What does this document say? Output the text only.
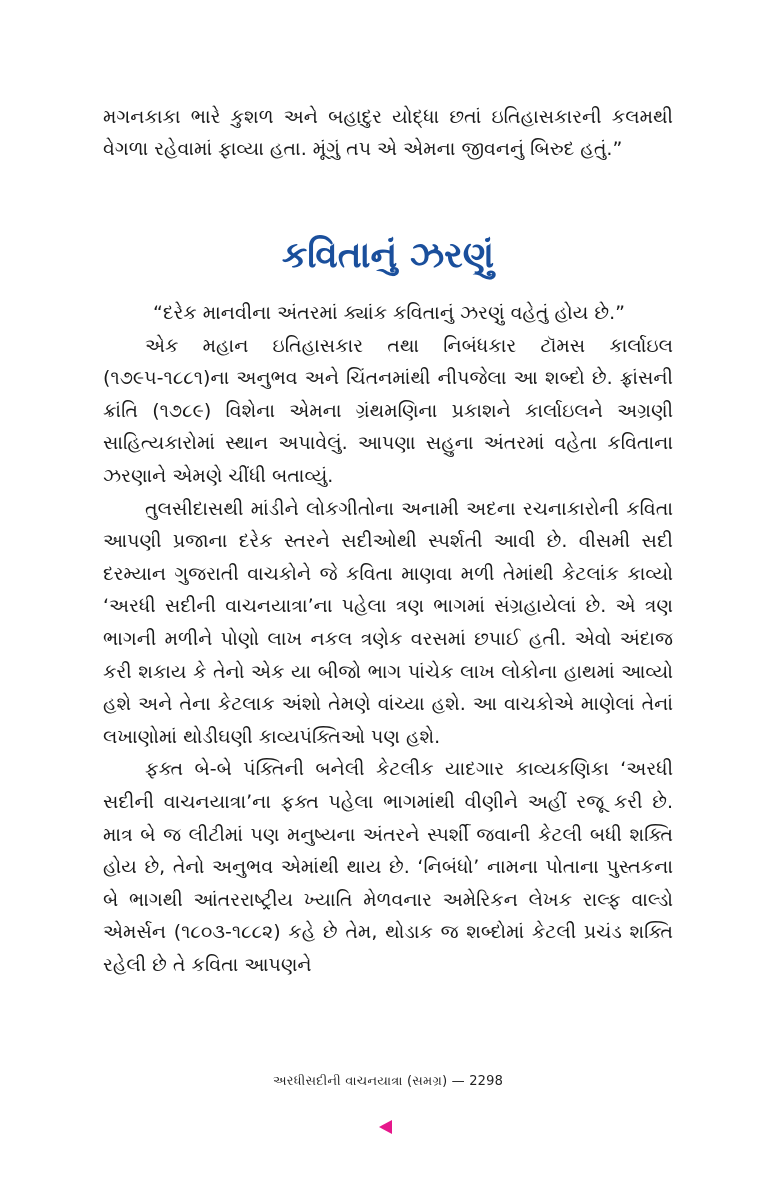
મગનકાકા ભારે કુશળ અને બહાદુર યોદ્ધા છતાં ઇતિહાસકારની કલમથી વેગળા રહેવામાં ફાવ્યા હતા. મૂંગું તપ એ એમના જીવનનું બિરુદ હતું.”

કવિતાનું ઝરણું

“દરેક માનવીના અંતરમાં ક્યાંક કવિતાનું ઝરણું વહેતું હોય છે.”

એક મહાન ઇતિહાસકાર તથા નિબંધકાર ટૉમસ કાર્લાઇલ (૧૭૯૫-૧૮૮૧)ના અનુભવ અને ચિંતનમાંથી નીપજેલા આ શબ્દો છે. ફ્રાંસની ક્રાંતિ (૧૭૮૯) વિશેના એમના ગ્રંથમણિના પ્રકાશને કાર્લાઇલને અગ્રણી સાહિત્યકારોમાં સ્થાન અપાવેલું. આપણા સહુના અંતરમાં વહેતા કવિતાના ઝરણાને એમણે ચીંધી બતાવ્યું.

તુલસીદાસથી માંડીને લોકગીતોના અનામી અદના રચનાકારોની કવિતા આપણી પ્રજાના દરેક સ્તરને સદીઓથી સ્પર્શતી આવી છે. વીસમી સદી દરમ્યાન ગુજરાતી વાચકોને જે કવિતા માણવા મળી તેમાંથી કેટલાંક કાવ્યો ‘અરધી સદીની વાચનયાત્રા’ના પહેલા ત્રણ ભાગમાં સંગ્રહાયેલાં છે. એ ત્રણ ભાગની મળીને પોણો લાખ નકલ ત્રણેક વરસમાં છપાઈ હતી. એવો અંદાજ કરી શકાય કે તેનો એક યા બીજો ભાગ પાંચેક લાખ લોકોના હાથમાં આવ્યો હશે અને તેના કેટલાક અંશો તેમણે વાંચ્યા હશે. આ વાચકોએ માણેલાં તેનાં લખાણોમાં થોડીઘણી કાવ્યપંક્તિઓ પણ હશે.

ફક્ત બે-બે પંક્તિની બનેલી કેટલીક યાદગાર કાવ્યકણિકા ‘અરધી સદીની વાચનયાત્રા’ના ફક્ત પહેલા ભાગમાંથી વીણીને અહીં રજૂ કરી છે. માત્ર બે જ લીટીમાં પણ મનુષ્યના અંતરને સ્પર્શી જવાની કેટલી બધી શક્તિ હોય છે, તેનો અનુભવ એમાંથી થાય છે. ‘નિબંધો’ નામના પોતાના પુસ્તકના બે ભાગથી આંતરરાષ્ટ્રીય ખ્યાતિ મેળવનાર અમેરિકન લેખક રાલ્ફ વાલ્ડો એમર્સન (૧૮૦૩-૧૮૮૨) કહે છે તેમ, થોડાક જ શબ્દોમાં કેટલી પ્રચંડ શક્તિ રહેલી છે તે કવિતા આપણને

અરધીસદીની વાચનયાત્રા (સમગ્ર) — 2298
